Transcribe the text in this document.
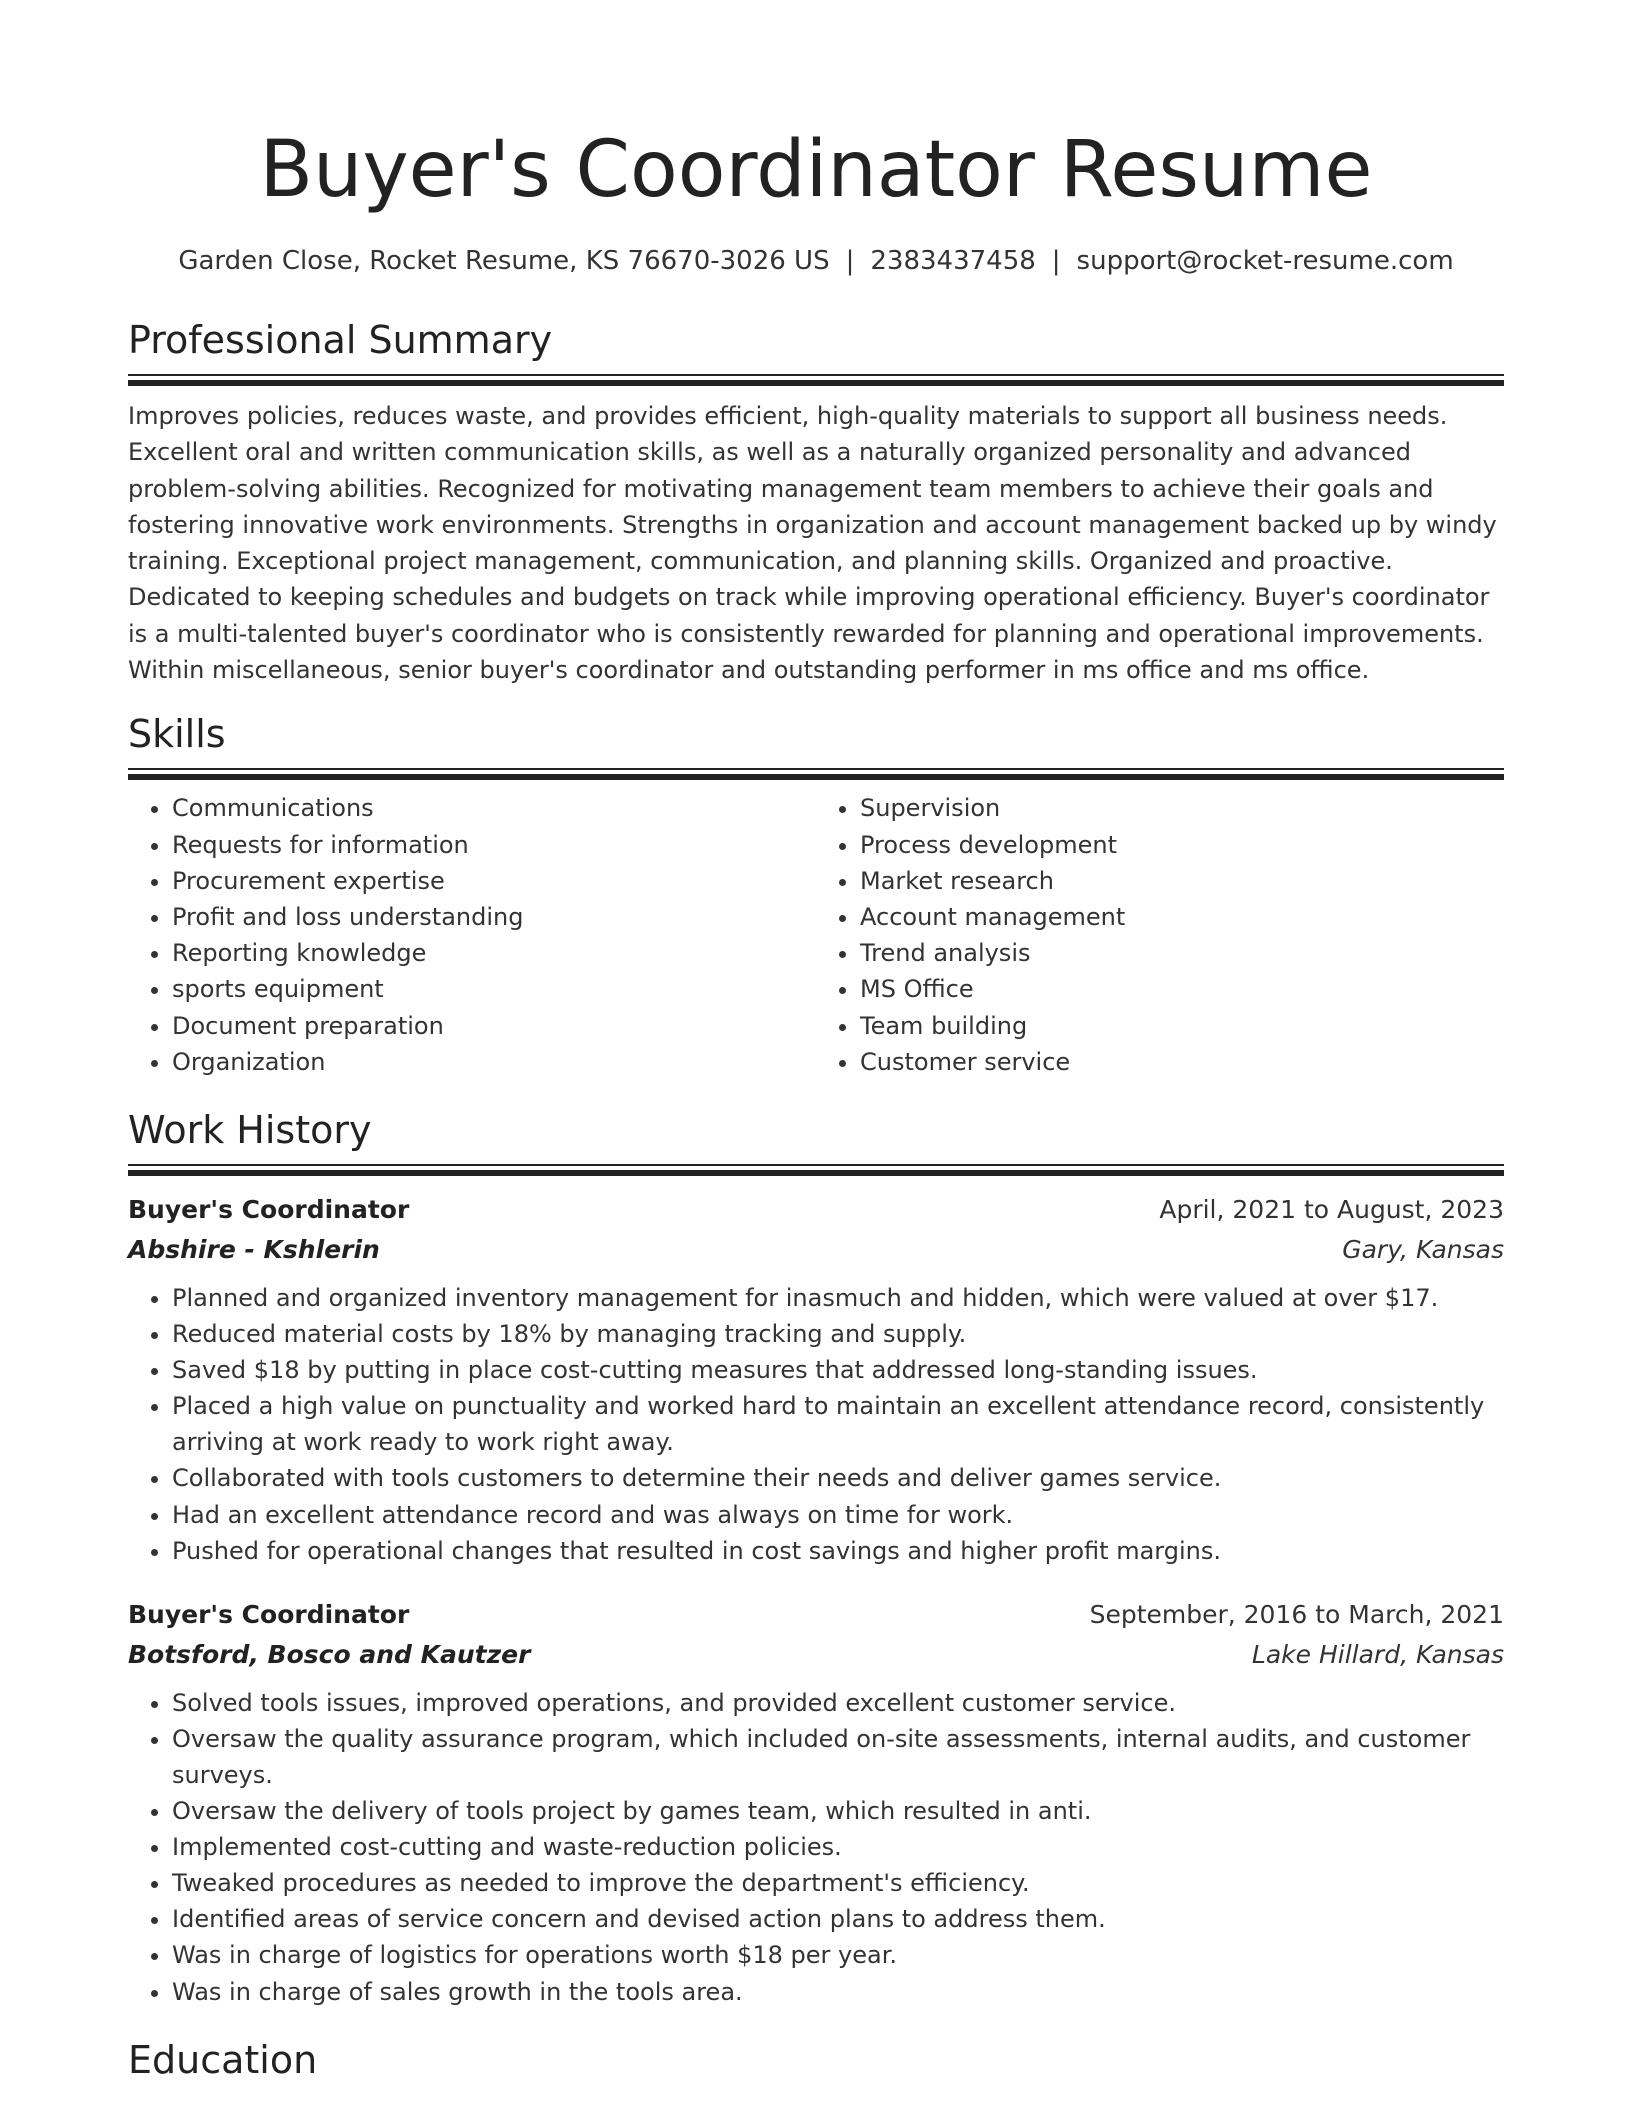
Buyer's Coordinator Resume
Garden Close, Rocket Resume, KS 76670-3026 US | 2383437458 | support@rocket-resume.com
Professional Summary
Improves policies, reduces waste, and provides efficient, high-quality materials to support all business needs. Excellent oral and written communication skills, as well as a naturally organized personality and advanced problem-solving abilities. Recognized for motivating management team members to achieve their goals and fostering innovative work environments. Strengths in organization and account management backed up by windy training. Exceptional project management, communication, and planning skills. Organized and proactive. Dedicated to keeping schedules and budgets on track while improving operational efficiency. Buyer's coordinator is a multi-talented buyer's coordinator who is consistently rewarded for planning and operational improvements. Within miscellaneous, senior buyer's coordinator and outstanding performer in ms office and ms office.
Skills
• Communications
• Requests for information
• Procurement expertise
• Profit and loss understanding
• Reporting knowledge
• sports equipment
• Document preparation
• Organization
• Supervision
• Process development
• Market research
• Account management
• Trend analysis
• MS Office
• Team building
• Customer service
Work History
Buyer's Coordinator	April, 2021 to August, 2023
Abshire - Kshlerin	Gary, Kansas
• Planned and organized inventory management for inasmuch and hidden, which were valued at over $17.
• Reduced material costs by 18% by managing tracking and supply.
• Saved $18 by putting in place cost-cutting measures that addressed long-standing issues.
• Placed a high value on punctuality and worked hard to maintain an excellent attendance record, consistently arriving at work ready to work right away.
• Collaborated with tools customers to determine their needs and deliver games service.
• Had an excellent attendance record and was always on time for work.
• Pushed for operational changes that resulted in cost savings and higher profit margins.
Buyer's Coordinator	September, 2016 to March, 2021
Botsford, Bosco and Kautzer	Lake Hillard, Kansas
• Solved tools issues, improved operations, and provided excellent customer service.
• Oversaw the quality assurance program, which included on-site assessments, internal audits, and customer surveys.
• Oversaw the delivery of tools project by games team, which resulted in anti.
• Implemented cost-cutting and waste-reduction policies.
• Tweaked procedures as needed to improve the department's efficiency.
• Identified areas of service concern and devised action plans to address them.
• Was in charge of logistics for operations worth $18 per year.
• Was in charge of sales growth in the tools area.
Education
